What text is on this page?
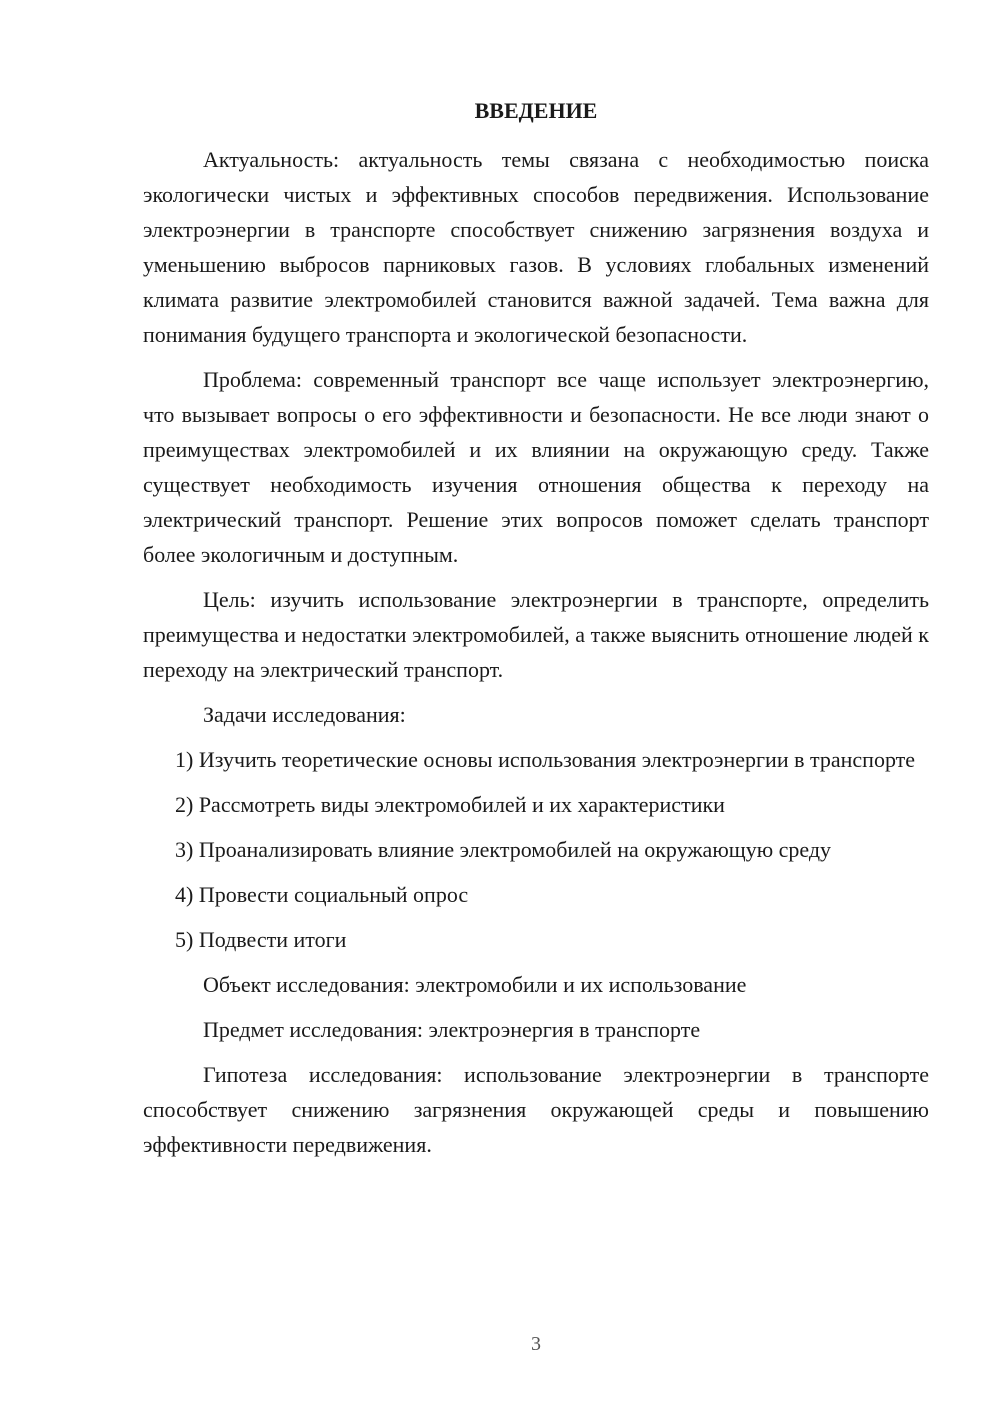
ВВЕДЕНИЕ

Актуальность: актуальность темы связана с необходимостью поиска экологически чистых и эффективных способов передвижения. Использование электроэнергии в транспорте способствует снижению загрязнения воздуха и уменьшению выбросов парниковых газов. В условиях глобальных изменений климата развитие электромобилей становится важной задачей. Тема важна для понимания будущего транспорта и экологической безопасности.

Проблема: современный транспорт все чаще использует электроэнергию, что вызывает вопросы о его эффективности и безопасности. Не все люди знают о преимуществах электромобилей и их влиянии на окружающую среду. Также существует необходимость изучения отношения общества к переходу на электрический транспорт. Решение этих вопросов поможет сделать транспорт более экологичным и доступным.

Цель: изучить использование электроэнергии в транспорте, определить преимущества и недостатки электромобилей, а также выяснить отношение людей к переходу на электрический транспорт.

Задачи исследования:

1) Изучить теоретические основы использования электроэнергии в транспорте

2) Рассмотреть виды электромобилей и их характеристики

3) Проанализировать влияние электромобилей на окружающую среду

4) Провести социальный опрос

5) Подвести итоги

Объект исследования: электромобили и их использование

Предмет исследования: электроэнергия в транспорте

Гипотеза исследования: использование электроэнергии в транспорте способствует снижению загрязнения окружающей среды и повышению эффективности передвижения.

3
